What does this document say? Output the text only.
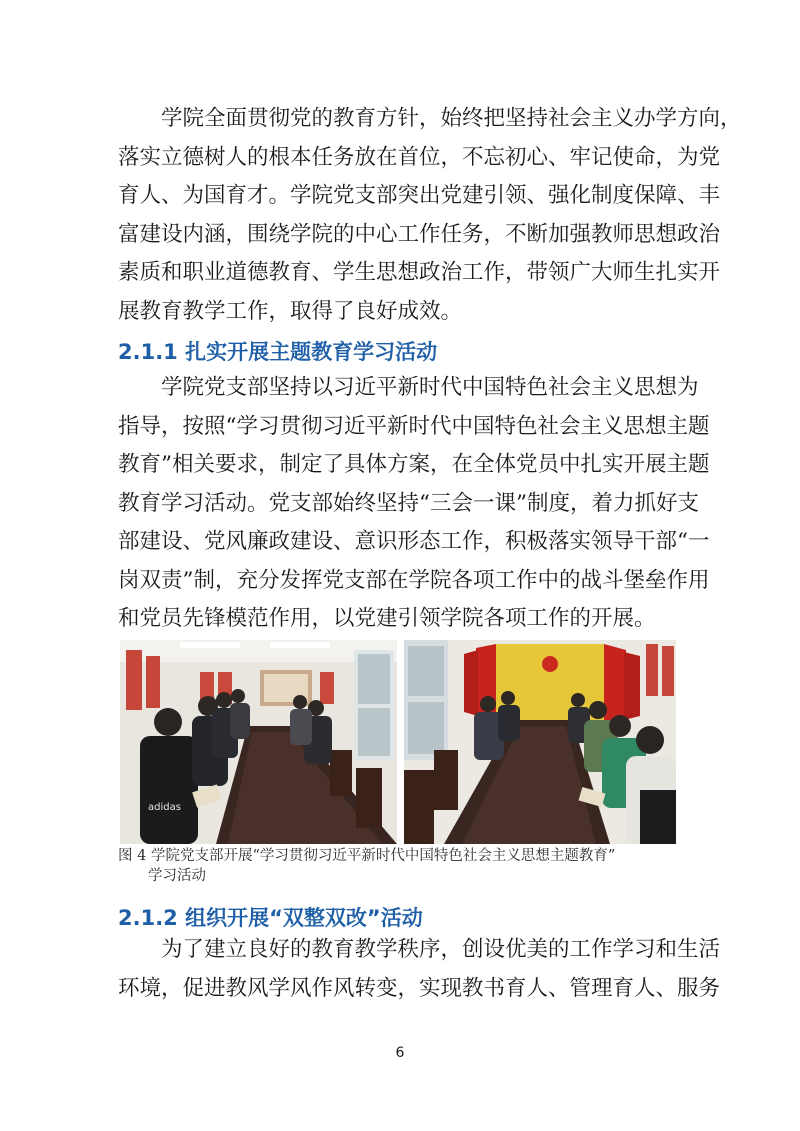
学院全面贯彻党的教育方针，始终把坚持社会主义办学方向，
落实立德树人的根本任务放在首位，不忘初心、牢记使命，为党
育人、为国育才。学院党支部突出党建引领、强化制度保障、丰
富建设内涵，围绕学院的中心工作任务，不断加强教师思想政治
素质和职业道德教育、学生思想政治工作，带领广大师生扎实开
展教育教学工作，取得了良好成效。
2.1.1 扎实开展主题教育学习活动
学院党支部坚持以习近平新时代中国特色社会主义思想为
指导，按照“学习贯彻习近平新时代中国特色社会主义思想主题
教育”相关要求，制定了具体方案，在全体党员中扎实开展主题
教育学习活动。党支部始终坚持“三会一课”制度，着力抓好支
部建设、党风廉政建设、意识形态工作，积极落实领导干部“一
岗双责”制，充分发挥党支部在学院各项工作中的战斗堡垒作用
和党员先锋模范作用，以党建引领学院各项工作的开展。
adidas
图 4 学院党支部开展“学习贯彻习近平新时代中国特色社会主义思想主题教育”
学习活动
2.1.2 组织开展“双整双改”活动
为了建立良好的教育教学秩序，创设优美的工作学习和生活
环境，促进教风学风作风转变，实现教书育人、管理育人、服务
6
